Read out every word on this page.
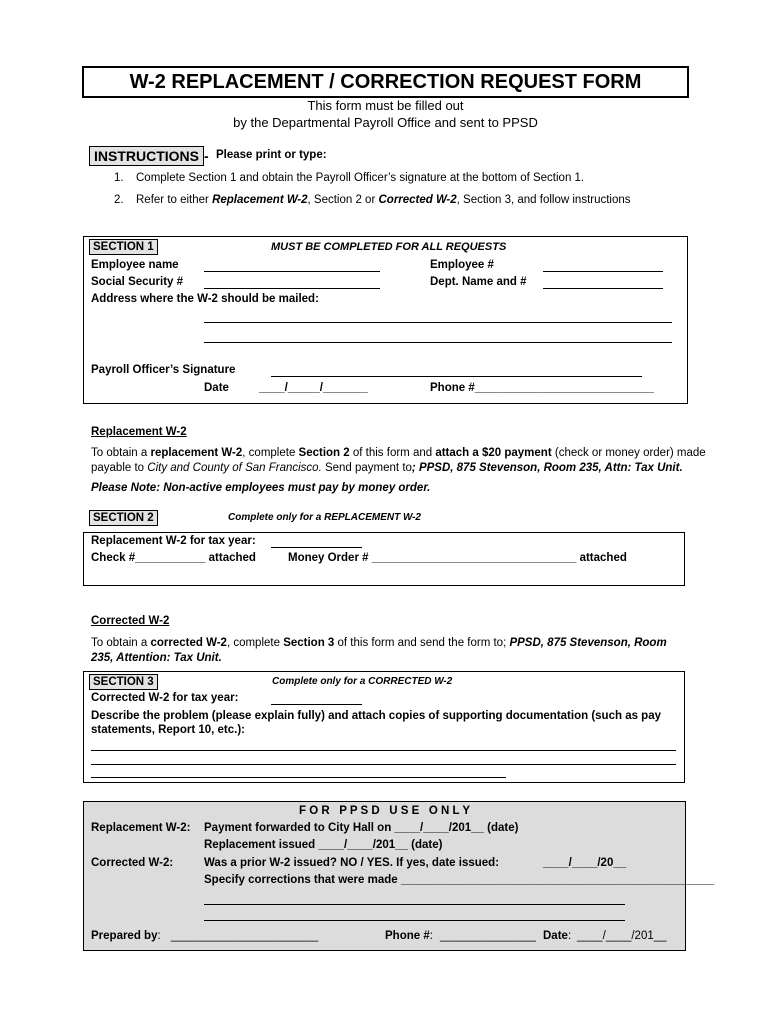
W-2 REPLACEMENT / CORRECTION REQUEST FORM
This form must be filled out
by the Departmental Payroll Office and sent to PPSD
INSTRUCTIONS - Please print or type:
1. Complete Section 1 and obtain the Payroll Officer’s signature at the bottom of Section 1.
2. Refer to either Replacement W-2, Section 2 or Corrected W-2, Section 3, and follow instructions
SECTION 1	MUST BE COMPLETED FOR ALL REQUESTS
Employee name	Employee #
Social Security #	Dept. Name and #
Address where the W-2 should be mailed:
Payroll Officer’s Signature
Date	____/_____/_______	Phone #____________________________
Replacement W-2
To obtain a replacement W-2, complete Section 2 of this form and attach a $20 payment (check or money order) made
payable to City and County of San Francisco. Send payment to; PPSD, 875 Stevenson, Room 235, Attn: Tax Unit.
Please Note: Non-active employees must pay by money order.
SECTION 2	Complete only for a REPLACEMENT W-2
Replacement W-2 for tax year:
Check #___________ attached	Money Order # ________________________________ attached
Corrected W-2
To obtain a corrected W-2, complete Section 3 of this form and send the form to; PPSD, 875 Stevenson, Room
235, Attention: Tax Unit.
SECTION 3	Complete only for a CORRECTED W-2
Corrected W-2 for tax year:
Describe the problem (please explain fully) and attach copies of supporting documentation (such as pay
statements, Report 10, etc.):
F O R   P P S D   U S E   O N L Y
Replacement W-2: Payment forwarded to City Hall on ____/____/201__ (date)
Replacement issued ____/____/201__ (date)
Corrected W-2:	Was a prior W-2 issued? NO / YES. If yes, date issued:	____/____/20__
Specify corrections that were made _________________________________________________
Prepared by: _______________________	Phone #: _______________ Date: ____/____/201__
